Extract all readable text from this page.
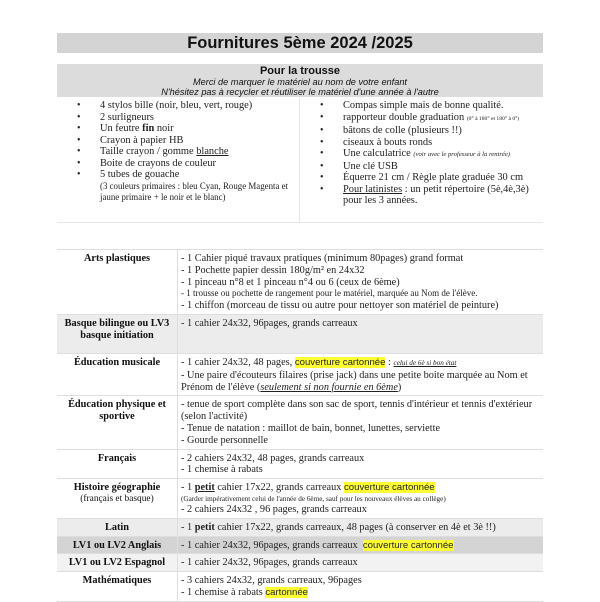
Fournitures 5ème 2024 /2025
Pour la trousse
Merci de marquer le matériel au nom de votre enfant
N'hésitez pas à recycler et réutiliser le matériel d'une année à l'autre
• 4 stylos bille (noir, bleu, vert, rouge)
• 2 surligneurs
• Un feutre fin noir
• Crayon à papier HB
• Taille crayon / gomme blanche
• Boite de crayons de couleur
• 5 tubes de gouache
(3 couleurs primaires : bleu Cyan, Rouge Magenta et jaune primaire + le noir et le blanc)
• Compas simple mais de bonne qualité.
• rapporteur double graduation (0° à 180° et 180° à 0°)
• bâtons de colle (plusieurs !!)
• ciseaux à bouts ronds
• Une calculatrice (voir avec le professeur à la rentrée)
• Une clé USB
• Équerre 21 cm / Règle plate graduée 30 cm
• Pour latinistes : un petit répertoire (5è,4è,3è) pour les 3 années.
Arts plastiques	- 1 Cahier piqué travaux pratiques (minimum 80pages) grand format
- 1 Pochette papier dessin 180g/m² en 24x32
- 1 pinceau n°8 et 1 pinceau n°4 ou 6 (ceux de 6ème)
- 1 trousse ou pochette de rangement pour le matériel, marquée au Nom de l'élève.
- 1 chiffon (morceau de tissu ou autre pour nettoyer son matériel de peinture)

Basque bilingue ou LV3 basque initiation	- 1 cahier 24x32, 96pages, grands carreaux

Éducation musicale	- 1 cahier 24x32, 48 pages, couverture cartonnée : celui de 6è si bon état
- Une paire d'écouteurs filaires (prise jack) dans une petite boite marquée au Nom et Prénom de l'élève (seulement si non fournie en 6ème)

Éducation physique et sportive	- tenue de sport complète dans son sac de sport, tennis d'intérieur et tennis d'extérieur (selon l'activité)
- Tenue de natation : maillot de bain, bonnet, lunettes, serviette
- Gourde personnelle

Français	- 2 cahiers 24x32, 48 pages, grands carreaux
- 1 chemise à rabats

Histoire géographie
(français et basque)	- 1 petit cahier 17x22, grands carreaux couverture cartonnée
(Garder impérativement celui de l'année de 6ème, sauf pour les nouveaux élèves au collège)
- 2 cahiers 24x32 , 96 pages, grands carreaux

Latin	- 1 petit cahier 17x22, grands carreaux, 48 pages (à conserver en 4è et 3è !!)

LV1 ou LV2 Anglais	- 1 cahier 24x32, 96pages, grands carreaux  couverture cartonnée

LV1 ou LV2 Espagnol	- 1 cahier 24x32, 96pages, grands carreaux

Mathématiques	- 3 cahiers 24x32, grands carreaux, 96pages
- 1 chemise à rabats cartonnée
